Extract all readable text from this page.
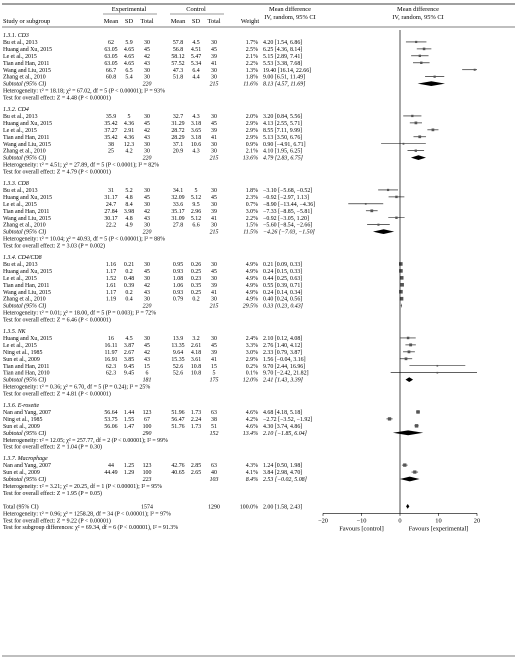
Study or subgroup
Experimental	Control
Mean SD Total	Mean SD Total	Weight
Mean difference
IV, random, 95% CI
Mean difference
IV, random, 95% CI
1.3.1. CD3
Bu et al., 2013	62 5.9 30	57.8 4.5 30	1.7% 4.20 [1.54, 6.86]
Huang and Xu, 2015	63.05 4.65 45	56.8 4.51 45	2.5% 6.25 [4.36, 8.14]
Le et al., 2015	63.05 4.65 42	58.12 5.47 39	2.1% 5.15 [2.89, 7.41]
Tian and Han, 2011	63.05 4.65 43	57.52 5.34 41	2.2% 5.53 [3.38, 7.68]
Wang and Liu, 2015	66.7 6.5 30	47.3 6.4 30	1.3% 19.40 [16.14, 22.66]
Zhang et al., 2010	60.8 5.4 30	51.8 4.4 30	1.8% 9.00 [6.51, 11.49]
Subtotal (95% CI)	220	215	11.6% 8.13 [4.57, 11.69]
Heterogeneity: τ² = 18.18; χ² = 67.02, df = 5 (P < 0.00001); I² = 93%
Test for overall effect: Z = 4.48 (P < 0.00001)
1.3.2. CD4
Bu et al., 2013	35.9 5 30	32.7 4.3 30	2.0% 3.20 [0.84, 5.56]
Huang and Xu, 2015	35.42 4.36 45	31.29 3.18 45	2.9% 4.13 [2.55, 5.71]
Le et al., 2015	37.27 2.91 42	28.72 3.65 39	2.9% 8.55 [7.11, 9.99]
Tian and Han, 2011	35.42 4.36 43	28.29 3.18 41	2.9% 5.13 [3.50, 6.76]
Wang and Liu, 2015	38 12.3 30	37.1 10.6 30	0.9% 0.90 [−4.91, 6.71]
Zhang et al., 2010	25 4.2 30	20.9 4.3 30	2.1% 4.10 [1.95, 6.25]
Subtotal (95% CI)	220	215	13.6% 4.79 [2.83, 6.75]
Heterogeneity: τ² = 4.51; χ² = 27.89, df = 5 (P < 0.0001); I² = 82%
Test for overall effect: Z = 4.79 (P < 0.00001)
1.3.3. CD8
Bu et al., 2013	31 5.2 30	34.1 5 30	1.8% −3.10 [−5.68, −0.52]
Huang and Xu, 2015	31.17 4.8 45	32.09 5.12 45	2.3% −0.92 [−2.97, 1.13]
Le et al., 2015	24.7 8.4 30	33.6 9.5 30	0.7% −8.90 [−13.44, −4.36]
Tian and Han, 2011	27.84 3.98 42	35.17 2.96 39	3.0% −7.33 [−8.85, −5.81]
Wang and Liu, 2015	30.17 4.8 43	31.09 5.12 41	2.2% −0.92 [−3.05, 1.20]
Zhang et al., 2010	22.2 4.9 30	27.8 6.6 30	1.5% −5.60 [−8.54, −2.66]
Subtotal (95% CI)	220	215	11.5% −4.26 [−7.03, −1.50]
Heterogeneity: τ² = 10.04; χ² = 40.93, df = 5 (P < 0.00001); I² = 88%
Test for overall effect: Z = 3.03 (P = 0.002)
1.3.4. CD4/CD8
Bu et al., 2013	1.16 0.21 30	0.95 0.26 30	4.9% 0.21 [0.09, 0.33]
Huang and Xu, 2015	1.17 0.2 45	0.93 0.25 45	4.9% 0.24 [0.15, 0.33]
Le et al., 2015	1.52 0.48 30	1.08 0.23 30	4.9% 0.44 [0.25, 0.63]
Tian and Han, 2011	1.61 0.39 42	1.06 0.35 39	4.9% 0.55 [0.39, 0.71]
Wang and Liu, 2015	1.17 0.2 43	0.93 0.25 41	4.9% 0.24 [0.14, 0.34]
Zhang et al., 2010	1.19 0.4 30	0.79 0.2 30	4.9% 0.40 [0.24, 0.56]
Subtotal (95% CI)	220	215	29.5% 0.33 [0.23, 0.43]
Heterogeneity: τ² = 0.01; χ² = 18.00, df = 5 (P = 0.003); I² = 72%
Test for overall effect: Z = 6.46 (P < 0.00001)
1.3.5. NK
Huang and Xu, 2015	16 4.5 30	13.9 3.2 30	2.4% 2.10 [0.12, 4.08]
Le et al., 2015	16.11 3.87 45	13.35 2.61 45	3.3% 2.76 [1.40, 4.12]
Ning et al., 1985	11.97 2.67 42	9.64 4.18 39	3.0% 2.33 [0.79, 3.87]
Sun et al., 2009	16.91 3.85 43	15.35 3.61 41	2.9% 1.56 [−0.04, 3.16]
Tian and Han, 2011	62.3 9.45 15	52.6 10.8 15	0.2% 9.70 [2.44, 16.96]
Tian and Han, 2010	62.3 9.45 6	52.6 10.8 5	0.1% 9.70 [−2.42, 21.82]
Subtotal (95% CI)	181	175	12.0% 2.41 [1.43, 3.39]
Heterogeneity: τ² = 0.36; χ² = 6.70, df = 5 (P = 0.24); I² = 25%
Test for overall effect: Z = 4.81 (P < 0.00001)
1.3.6. E-rosette
Nan and Yang, 2007	56.64 1.44 123	51.96 1.73 63	4.6% 4.68 [4.18, 5.18]
Ning et al., 1985	53.75 1.55 67	56.47 2.24 38	4.2% −2.72 [−3.52, −1.92]
Sun et al., 2009	56.06 1.47 100	51.76 1.73 51	4.6% 4.30 [3.74, 4.86]
Subtotal (95% CI)	290	152	13.4% 2.10 [−1.85, 6.04]
Heterogeneity: τ² = 12.05; χ² = 257.77, df = 2 (P < 0.00001); I² = 99%
Test for overall effect: Z = 1.04 (P = 0.30)
1.3.7. Macrophage
Nan and Yang, 2007	44 1.25 123	42.76 2.85 63	4.3% 1.24 [0.50, 1.98]
Sun et al., 2009	44.49 1.29 100	40.65 2.65 40	4.1% 3.84 [2.98, 4.70]
Subtotal (95% CI)	223	103	8.4% 2.53 [−0.02, 5.08]
Heterogeneity: τ² = 3.21; χ² = 20.25, df = 1 (P < 0.00001); I² = 95%
Test for overall effect: Z = 1.95 (P = 0.05)
Total (95% CI)	1574	1290	100.0% 2.00 [1.58, 2.43]
Heterogeneity: τ² = 0.96; χ² = 1258.28, df = 34 (P < 0.00001); I² = 97%
Test for overall effect: Z = 9.22 (P < 0.00001)
Test for subgroup differences: χ² = 69.34, df = 6 (P < 0.00001), I² = 91.3%
−20	−10	0	10	20
Favours [control]	Favours [experimental]
